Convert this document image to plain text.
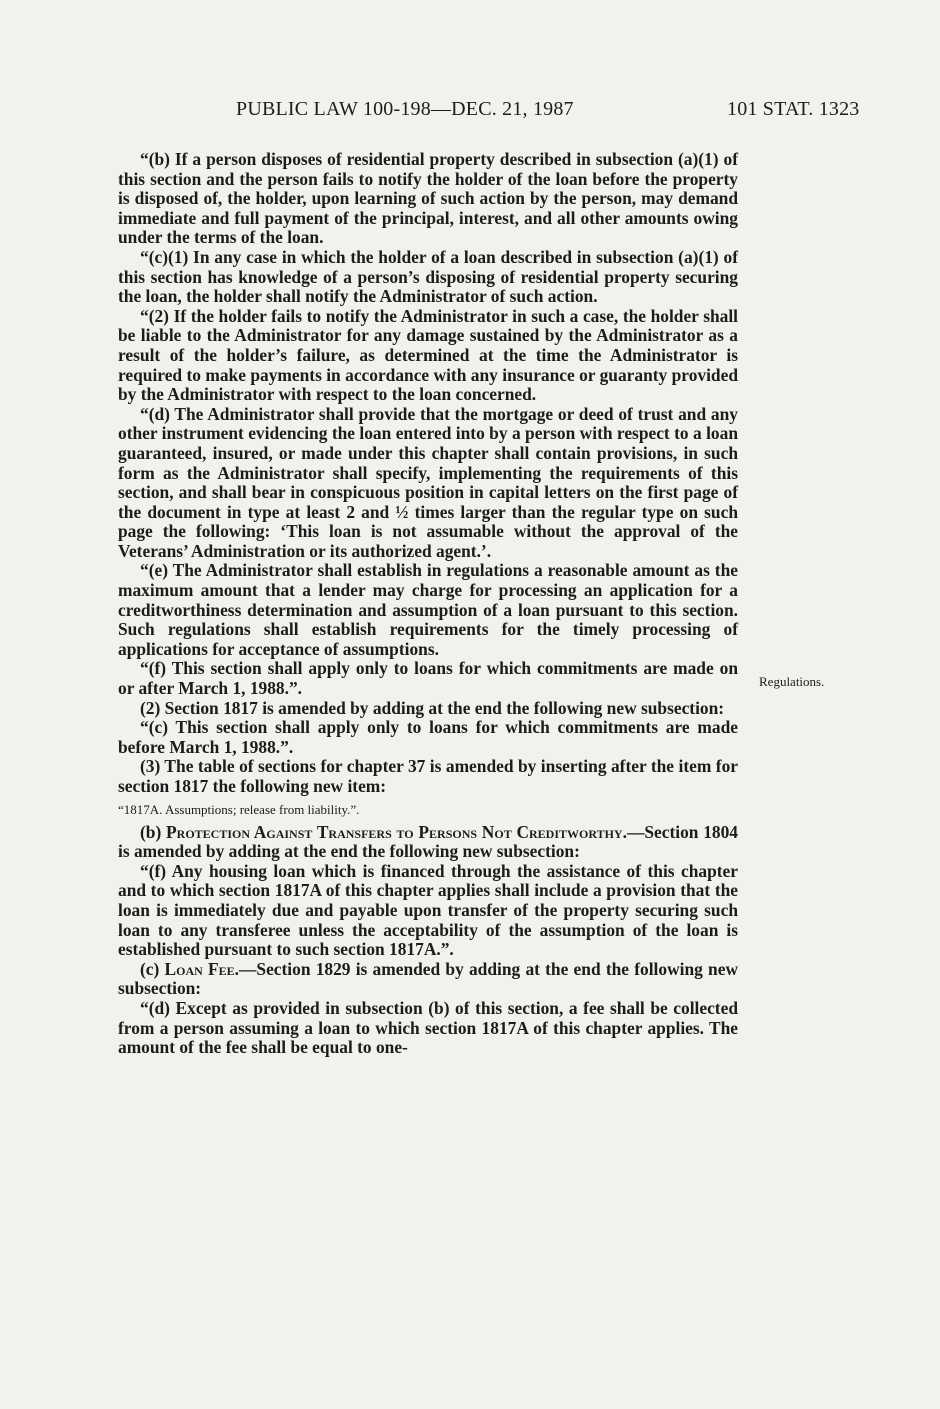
PUBLIC LAW 100-198—DEC. 21, 1987	101 STAT. 1323
Regulations.

“(b) If a person disposes of residential property described in subsection (a)(1) of this section and the person fails to notify the holder of the loan before the property is disposed of, the holder, upon learning of such action by the person, may demand immediate and full payment of the principal, interest, and all other amounts owing under the terms of the loan.

“(c)(1) In any case in which the holder of a loan described in subsection (a)(1) of this section has knowledge of a person’s disposing of residential property securing the loan, the holder shall notify the Administrator of such action.

“(2) If the holder fails to notify the Administrator in such a case, the holder shall be liable to the Administrator for any damage sustained by the Administrator as a result of the holder’s failure, as determined at the time the Administrator is required to make payments in accordance with any insurance or guaranty provided by the Administrator with respect to the loan concerned.

“(d) The Administrator shall provide that the mortgage or deed of trust and any other instrument evidencing the loan entered into by a person with respect to a loan guaranteed, insured, or made under this chapter shall contain provisions, in such form as the Administrator shall specify, implementing the requirements of this section, and shall bear in conspicuous position in capital letters on the first page of the document in type at least 2 and ½ times larger than the regular type on such page the following: ‘This loan is not assumable without the approval of the Veterans’ Administration or its authorized agent.’.

“(e) The Administrator shall establish in regulations a reasonable amount as the maximum amount that a lender may charge for processing an application for a creditworthiness determination and assumption of a loan pursuant to this section. Such regulations shall establish requirements for the timely processing of applications for acceptance of assumptions.

“(f) This section shall apply only to loans for which commitments are made on or after March 1, 1988.”.

(2) Section 1817 is amended by adding at the end the following new subsection:

“(c) This section shall apply only to loans for which commitments are made before March 1, 1988.”.

(3) The table of sections for chapter 37 is amended by inserting after the item for section 1817 the following new item:

“1817A. Assumptions; release from liability.”.

(b) Protection Against Transfers to Persons Not Creditworthy.—Section 1804 is amended by adding at the end the following new subsection:

“(f) Any housing loan which is financed through the assistance of this chapter and to which section 1817A of this chapter applies shall include a provision that the loan is immediately due and payable upon transfer of the property securing such loan to any transferee unless the acceptability of the assumption of the loan is established pursuant to such section 1817A.”.

(c) Loan Fee.—Section 1829 is amended by adding at the end the following new subsection:

“(d) Except as provided in subsection (b) of this section, a fee shall be collected from a person assuming a loan to which section 1817A of this chapter applies. The amount of the fee shall be equal to one-
